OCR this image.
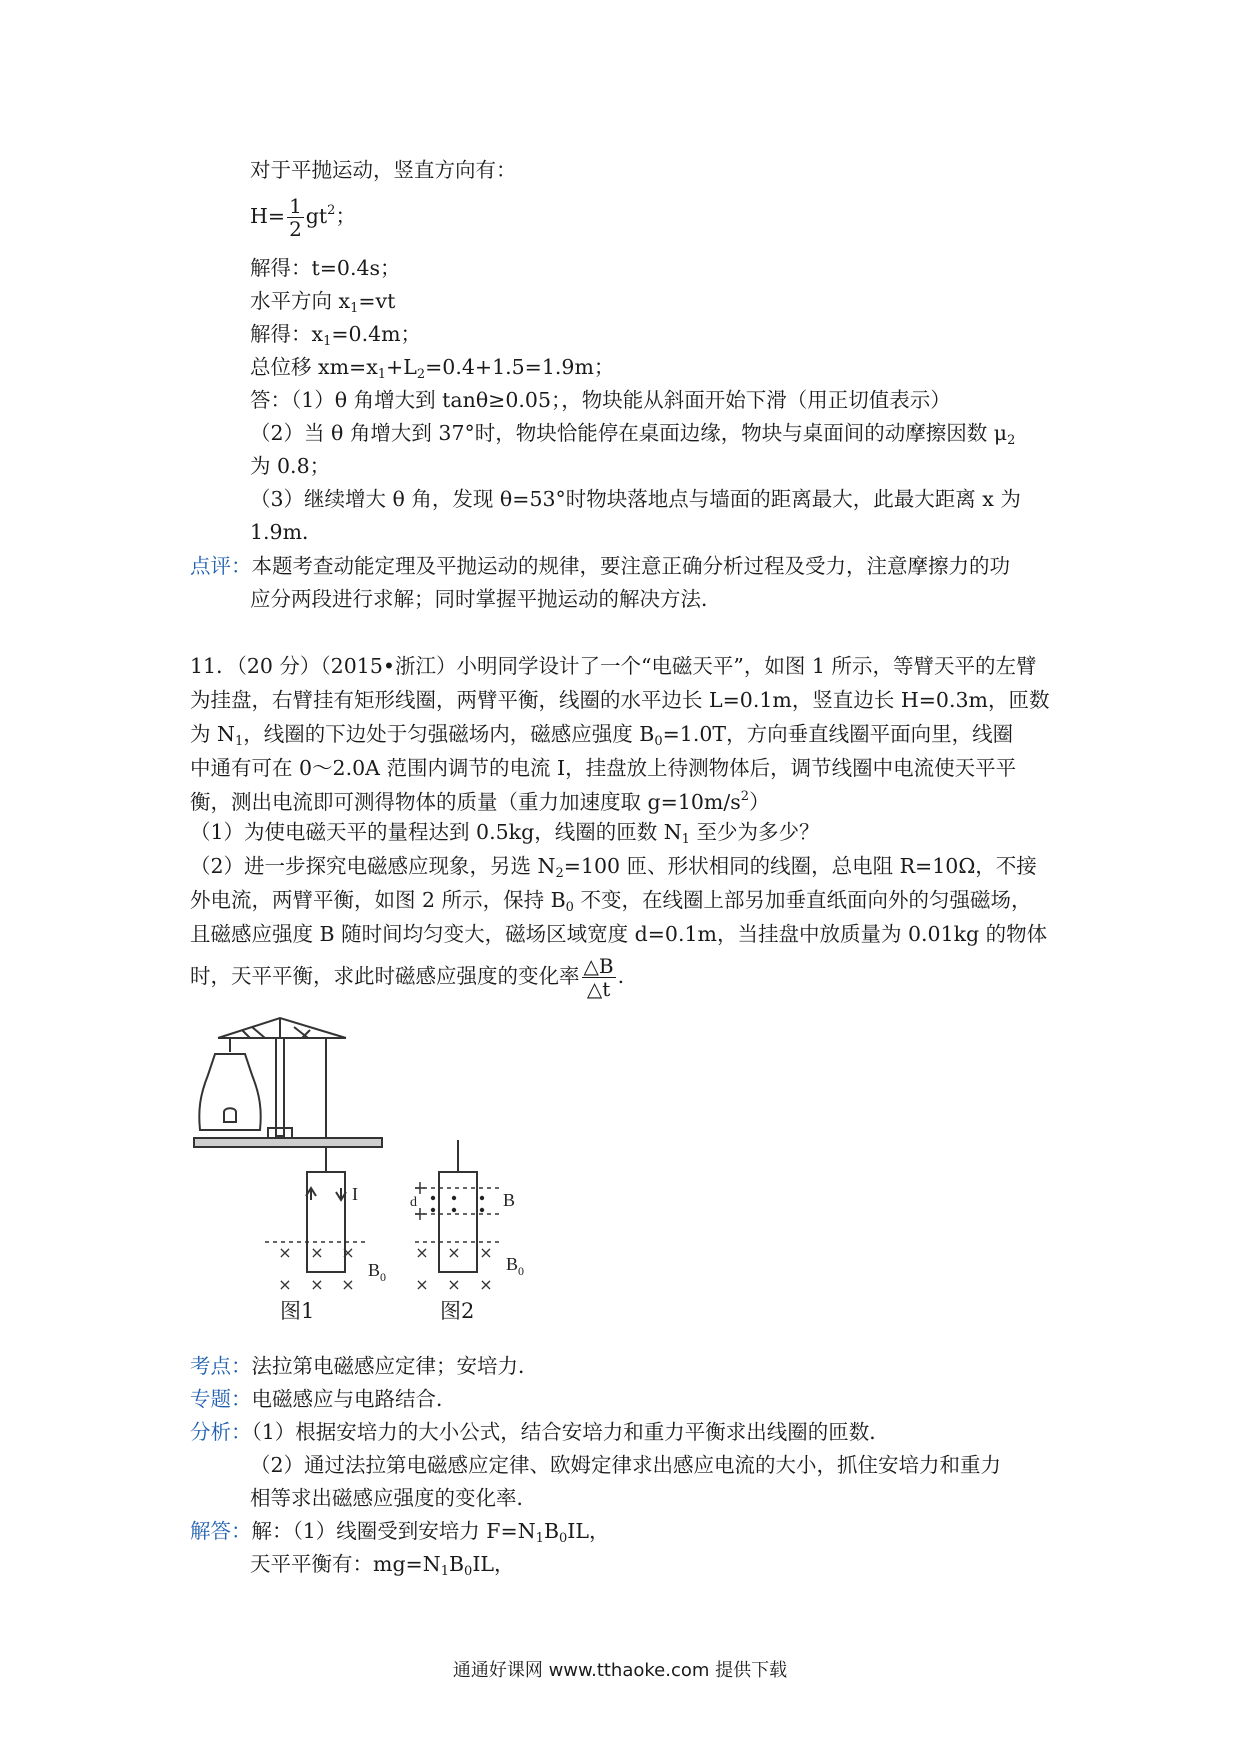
对于平抛运动，竖直方向有：
$H= \frac{1}{2} gt^2$；
解得：t=0.4s；
水平方向 $x_1=vt$
解得：$x_1=0.4m$；
总位移 $xm=x_1+L_2=0.4+1.5=1.9m$；
答：（1）θ 角增大到 tanθ≥0.05；，物块能从斜面开始下滑（用正切值表示）
（2）当 θ 角增大到 37°时，物块恰能停在桌面边缘，物块与桌面间的动摩擦因数 $\mu_2$
为 0.8；
（3）继续增大 θ 角，发现 θ=53°时物块落地点与墙面的距离最大，此最大距离 x 为
1.9m．
点评：本题考查动能定理及平抛运动的规律，要注意正确分析过程及受力，注意摩擦力的功
应分两段进行求解；同时掌握平抛运动的解决方法．
11．（20 分）（2015•浙江）小明同学设计了一个“电磁天平”，如图 1 所示，等臂天平的左臂
为挂盘，右臂挂有矩形线圈，两臂平衡，线圈的水平边长 L=0.1m，竖直边长 H=0.3m，匝数
为 $N_1$，线圈的下边处于匀强磁场内，磁感应强度 $B_0=1.0T$，方向垂直线圈平面向里，线圈
中通有可在 0～2.0A 范围内调节的电流 I，挂盘放上待测物体后，调节线圈中电流使天平平
衡，测出电流即可测得物体的质量（重力加速度取 $g=10m/s^2$）
（1）为使电磁天平的量程达到 0.5kg，线圈的匝数 $N_1$ 至少为多少？
（2）进一步探究电磁感应现象，另选 $N_2=100$ 匝、形状相同的线圈，总电阻 R=10Ω，不接
外电流，两臂平衡，如图 2 所示，保持 $B_0$ 不变，在线圈上部另加垂直纸面向外的匀强磁场，
且磁感应强度 B 随时间均匀变大，磁场区域宽度 d=0.1m，当挂盘中放质量为 0.01kg 的物体
时，天平平衡，求此时磁感应强度的变化率 $\frac{\triangle B}{\triangle t}$ .
× × ×
× × ×
× × ×
× × ×
I
$B_0$
B
$B_0$
d
图1	图2
考点：法拉第电磁感应定律；安培力．
专题：电磁感应与电路结合．
分析：（1）根据安培力的大小公式，结合安培力和重力平衡求出线圈的匝数．
（2）通过法拉第电磁感应定律、欧姆定律求出感应电流的大小，抓住安培力和重力
相等求出磁感应强度的变化率．
解答：解：（1）线圈受到安培力 $F=N_1B_0IL$，
天平平衡有：$mg=N_1B_0IL$，
通通好课网 www.tthaoke.com 提供下载
